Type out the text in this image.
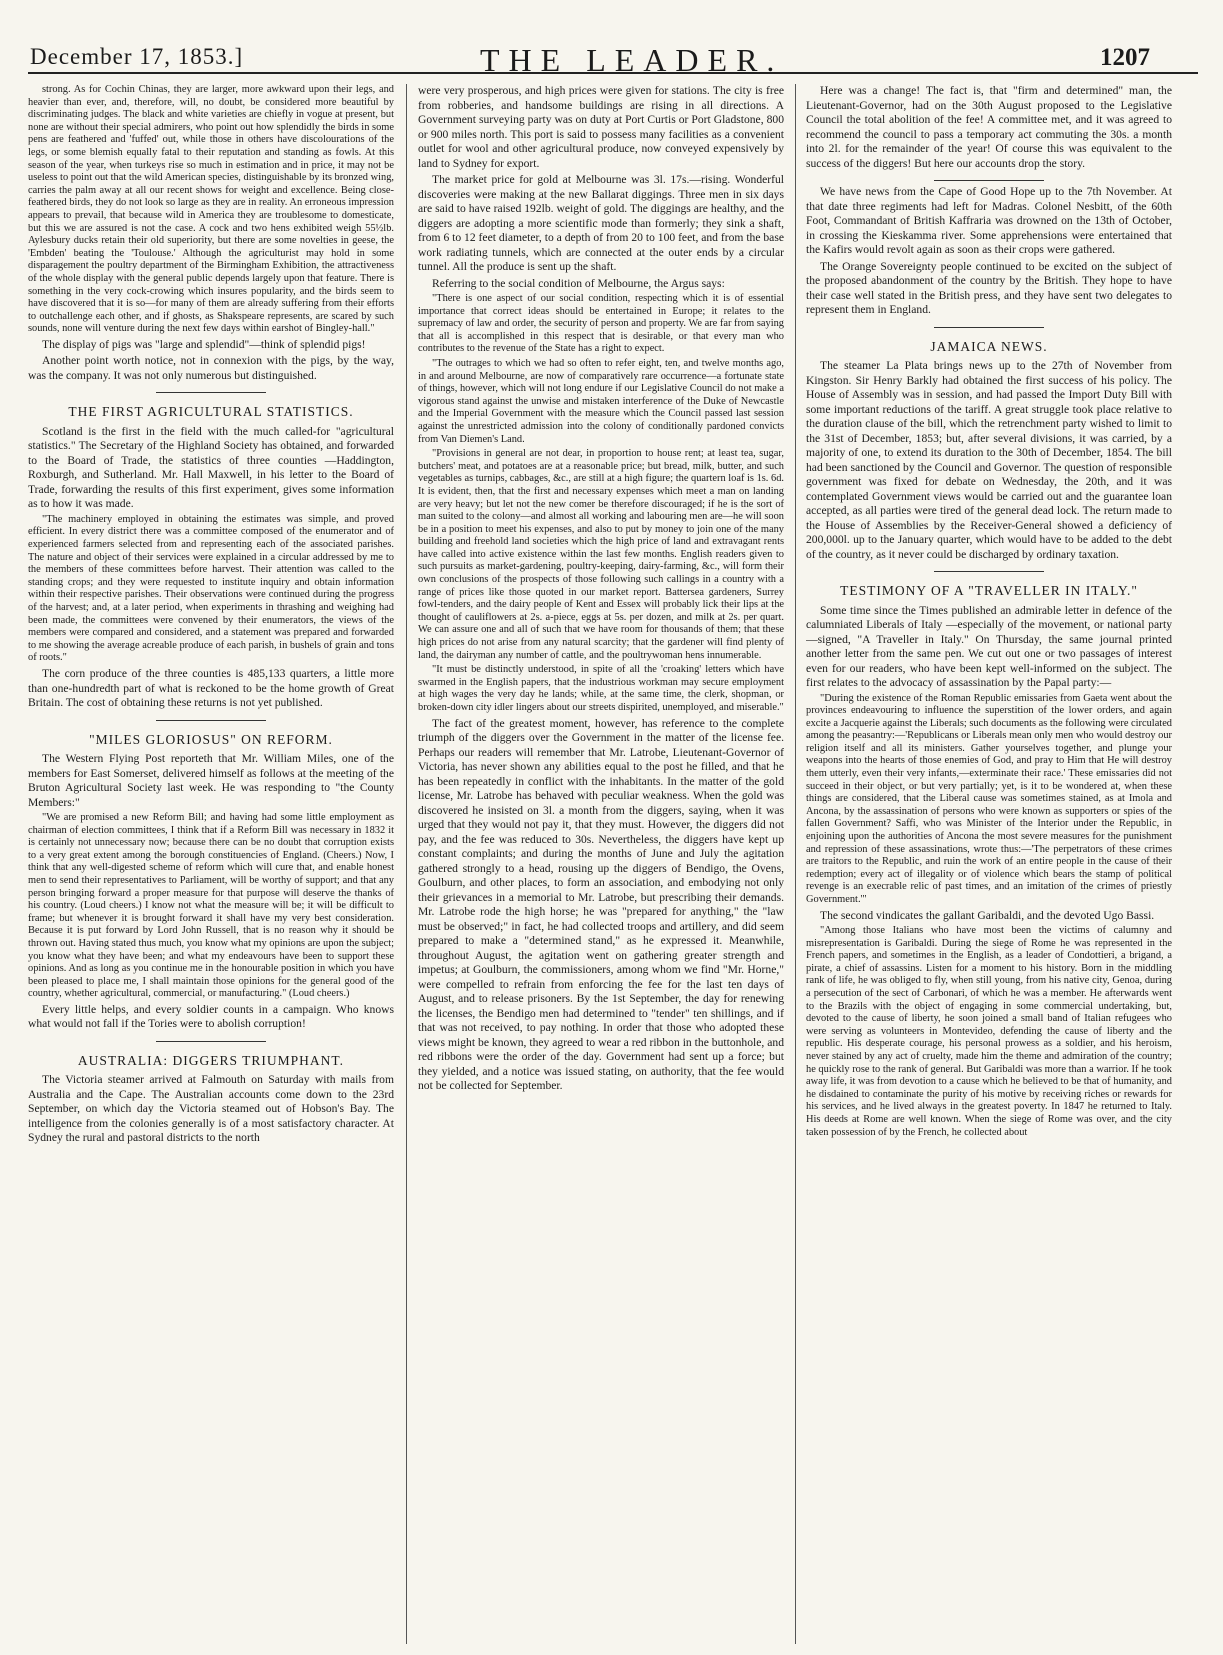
December 17, 1853.]	THE LEADER.	1207

strong. As for Cochin Chinas, they are larger, more awkward upon their legs, and heavier than ever, and, therefore, will, no doubt, be considered more beautiful by discriminating judges. The black and white varieties are chiefly in vogue at present, but none are without their special admirers, who point out how splendidly the birds in some pens are feathered and 'fuffed' out, while those in others have discolourations of the legs, or some blemish equally fatal to their reputation and standing as fowls. At this season of the year, when turkeys rise so much in estimation and in price, it may not be useless to point out that the wild American species, distinguishable by its bronzed wing, carries the palm away at all our recent shows for weight and excellence. Being close-feathered birds, they do not look so large as they are in reality. An erroneous impression appears to prevail, that because wild in America they are troublesome to domesticate, but this we are assured is not the case. A cock and two hens exhibited weigh 55½lb. Aylesbury ducks retain their old superiority, but there are some novelties in geese, the 'Embden' beating the 'Toulouse.' Although the agriculturist may hold in some disparagement the poultry department of the Birmingham Exhibition, the attractiveness of the whole display with the general public depends largely upon that feature. There is something in the very cock-crowing which insures popularity, and the birds seem to have discovered that it is so—for many of them are already suffering from their efforts to outchallenge each other, and if ghosts, as Shakspeare represents, are scared by such sounds, none will venture during the next few days within earshot of Bingley-hall."

The display of pigs was "large and splendid"—think of splendid pigs!

Another point worth notice, not in connexion with the pigs, by the way, was the company. It was not only numerous but distinguished.

THE FIRST AGRICULTURAL STATISTICS.

Scotland is the first in the field with the much called-for "agricultural statistics." The Secretary of the Highland Society has obtained, and forwarded to the Board of Trade, the statistics of three counties —Haddington, Roxburgh, and Sutherland. Mr. Hall Maxwell, in his letter to the Board of Trade, forwarding the results of this first experiment, gives some information as to how it was made.

"The machinery employed in obtaining the estimates was simple, and proved efficient. In every district there was a committee composed of the enumerator and of experienced farmers selected from and representing each of the associated parishes. The nature and object of their services were explained in a circular addressed by me to the members of these committees before harvest. Their attention was called to the standing crops; and they were requested to institute inquiry and obtain information within their respective parishes. Their observations were continued during the progress of the harvest; and, at a later period, when experiments in thrashing and weighing had been made, the committees were convened by their enumerators, the views of the members were compared and considered, and a statement was prepared and forwarded to me showing the average acreable produce of each parish, in bushels of grain and tons of roots."

The corn produce of the three counties is 485,133 quarters, a little more than one-hundredth part of what is reckoned to be the home growth of Great Britain. The cost of obtaining these returns is not yet published.

"MILES GLORIOSUS" ON REFORM.

The Western Flying Post reporteth that Mr. William Miles, one of the members for East Somerset, delivered himself as follows at the meeting of the Bruton Agricultural Society last week. He was responding to "the County Members:"

"We are promised a new Reform Bill; and having had some little employment as chairman of election committees, I think that if a Reform Bill was necessary in 1832 it is certainly not unnecessary now; because there can be no doubt that corruption exists to a very great extent among the borough constituencies of England. (Cheers.) Now, I think that any well-digested scheme of reform which will cure that, and enable honest men to send their representatives to Parliament, will be worthy of support; and that any person bringing forward a proper measure for that purpose will deserve the thanks of his country. (Loud cheers.) I know not what the measure will be; it will be difficult to frame; but whenever it is brought forward it shall have my very best consideration. Because it is put forward by Lord John Russell, that is no reason why it should be thrown out. Having stated thus much, you know what my opinions are upon the subject; you know what they have been; and what my endeavours have been to support these opinions. And as long as you continue me in the honourable position in which you have been pleased to place me, I shall maintain those opinions for the general good of the country, whether agricultural, commercial, or manufacturing." (Loud cheers.)

Every little helps, and every soldier counts in a campaign. Who knows what would not fall if the Tories were to abolish corruption!

AUSTRALIA: DIGGERS TRIUMPHANT.

The Victoria steamer arrived at Falmouth on Saturday with mails from Australia and the Cape. The Australian accounts come down to the 23rd September, on which day the Victoria steamed out of Hobson's Bay. The intelligence from the colonies generally is of a most satisfactory character. At Sydney the rural and pastoral districts to the north

were very prosperous, and high prices were given for stations. The city is free from robberies, and handsome buildings are rising in all directions. A Government surveying party was on duty at Port Curtis or Port Gladstone, 800 or 900 miles north. This port is said to possess many facilities as a convenient outlet for wool and other agricultural produce, now conveyed expensively by land to Sydney for export.

The market price for gold at Melbourne was 3l. 17s.—rising. Wonderful discoveries were making at the new Ballarat diggings. Three men in six days are said to have raised 192lb. weight of gold. The diggings are healthy, and the diggers are adopting a more scientific mode than formerly; they sink a shaft, from 6 to 12 feet diameter, to a depth of from 20 to 100 feet, and from the base work radiating tunnels, which are connected at the outer ends by a circular tunnel. All the produce is sent up the shaft.

Referring to the social condition of Melbourne, the Argus says:

"There is one aspect of our social condition, respecting which it is of essential importance that correct ideas should be entertained in Europe; it relates to the supremacy of law and order, the security of person and property. We are far from saying that all is accomplished in this respect that is desirable, or that every man who contributes to the revenue of the State has a right to expect.

"The outrages to which we had so often to refer eight, ten, and twelve months ago, in and around Melbourne, are now of comparatively rare occurrence—a fortunate state of things, however, which will not long endure if our Legislative Council do not make a vigorous stand against the unwise and mistaken interference of the Duke of Newcastle and the Imperial Government with the measure which the Council passed last session against the unrestricted admission into the colony of conditionally pardoned convicts from Van Diemen's Land.

"Provisions in general are not dear, in proportion to house rent; at least tea, sugar, butchers' meat, and potatoes are at a reasonable price; but bread, milk, butter, and such vegetables as turnips, cabbages, &c., are still at a high figure; the quartern loaf is 1s. 6d. It is evident, then, that the first and necessary expenses which meet a man on landing are very heavy; but let not the new comer be therefore discouraged; if he is the sort of man suited to the colony—and almost all working and labouring men are—he will soon be in a position to meet his expenses, and also to put by money to join one of the many building and freehold land societies which the high price of land and extravagant rents have called into active existence within the last few months. English readers given to such pursuits as market-gardening, poultry-keeping, dairy-farming, &c., will form their own conclusions of the prospects of those following such callings in a country with a range of prices like those quoted in our market report. Battersea gardeners, Surrey fowl-tenders, and the dairy people of Kent and Essex will probably lick their lips at the thought of cauliflowers at 2s. a-piece, eggs at 5s. per dozen, and milk at 2s. per quart. We can assure one and all of such that we have room for thousands of them; that these high prices do not arise from any natural scarcity; that the gardener will find plenty of land, the dairyman any number of cattle, and the poultrywoman hens innumerable.

"It must be distinctly understood, in spite of all the 'croaking' letters which have swarmed in the English papers, that the industrious workman may secure employment at high wages the very day he lands; while, at the same time, the clerk, shopman, or broken-down city idler lingers about our streets dispirited, unemployed, and miserable."

The fact of the greatest moment, however, has reference to the complete triumph of the diggers over the Government in the matter of the license fee. Perhaps our readers will remember that Mr. Latrobe, Lieutenant-Governor of Victoria, has never shown any abilities equal to the post he filled, and that he has been repeatedly in conflict with the inhabitants. In the matter of the gold license, Mr. Latrobe has behaved with peculiar weakness. When the gold was discovered he insisted on 3l. a month from the diggers, saying, when it was urged that they would not pay it, that they must. However, the diggers did not pay, and the fee was reduced to 30s. Nevertheless, the diggers have kept up constant complaints; and during the months of June and July the agitation gathered strongly to a head, rousing up the diggers of Bendigo, the Ovens, Goulburn, and other places, to form an association, and embodying not only their grievances in a memorial to Mr. Latrobe, but prescribing their demands. Mr. Latrobe rode the high horse; he was "prepared for anything," the "law must be observed;" in fact, he had collected troops and artillery, and did seem prepared to make a "determined stand," as he expressed it. Meanwhile, throughout August, the agitation went on gathering greater strength and impetus; at Goulburn, the commissioners, among whom we find "Mr. Horne," were compelled to refrain from enforcing the fee for the last ten days of August, and to release prisoners. By the 1st September, the day for renewing the licenses, the Bendigo men had determined to "tender" ten shillings, and if that was not received, to pay nothing. In order that those who adopted these views might be known, they agreed to wear a red ribbon in the buttonhole, and red ribbons were the order of the day. Government had sent up a force; but they yielded, and a notice was issued stating, on authority, that the fee would not be collected for September.

Here was a change! The fact is, that "firm and determined" man, the Lieutenant-Governor, had on the 30th August proposed to the Legislative Council the total abolition of the fee! A committee met, and it was agreed to recommend the council to pass a temporary act commuting the 30s. a month into 2l. for the remainder of the year! Of course this was equivalent to the success of the diggers! But here our accounts drop the story.

We have news from the Cape of Good Hope up to the 7th November. At that date three regiments had left for Madras. Colonel Nesbitt, of the 60th Foot, Commandant of British Kaffraria was drowned on the 13th of October, in crossing the Kieskamma river. Some apprehensions were entertained that the Kafirs would revolt again as soon as their crops were gathered.

The Orange Sovereignty people continued to be excited on the subject of the proposed abandonment of the country by the British. They hope to have their case well stated in the British press, and they have sent two delegates to represent them in England.

JAMAICA NEWS.

The steamer La Plata brings news up to the 27th of November from Kingston. Sir Henry Barkly had obtained the first success of his policy. The House of Assembly was in session, and had passed the Import Duty Bill with some important reductions of the tariff. A great struggle took place relative to the duration clause of the bill, which the retrenchment party wished to limit to the 31st of December, 1853; but, after several divisions, it was carried, by a majority of one, to extend its duration to the 30th of December, 1854. The bill had been sanctioned by the Council and Governor. The question of responsible government was fixed for debate on Wednesday, the 20th, and it was contemplated Government views would be carried out and the guarantee loan accepted, as all parties were tired of the general dead lock. The return made to the House of Assemblies by the Receiver-General showed a deficiency of 200,000l. up to the January quarter, which would have to be added to the debt of the country, as it never could be discharged by ordinary taxation.

TESTIMONY OF A "TRAVELLER IN ITALY."

Some time since the Times published an admirable letter in defence of the calumniated Liberals of Italy —especially of the movement, or national party—signed, "A Traveller in Italy." On Thursday, the same journal printed another letter from the same pen. We cut out one or two passages of interest even for our readers, who have been kept well-informed on the subject. The first relates to the advocacy of assassination by the Papal party:—

"During the existence of the Roman Republic emissaries from Gaeta went about the provinces endeavouring to influence the superstition of the lower orders, and again excite a Jacquerie against the Liberals; such documents as the following were circulated among the peasantry:—'Republicans or Liberals mean only men who would destroy our religion itself and all its ministers. Gather yourselves together, and plunge your weapons into the hearts of those enemies of God, and pray to Him that He will destroy them utterly, even their very infants,—exterminate their race.' These emissaries did not succeed in their object, or but very partially; yet, is it to be wondered at, when these things are considered, that the Liberal cause was sometimes stained, as at Imola and Ancona, by the assassination of persons who were known as supporters or spies of the fallen Government? Saffi, who was Minister of the Interior under the Republic, in enjoining upon the authorities of Ancona the most severe measures for the punishment and repression of these assassinations, wrote thus:—'The perpetrators of these crimes are traitors to the Republic, and ruin the work of an entire people in the cause of their redemption; every act of illegality or of violence which bears the stamp of political revenge is an execrable relic of past times, and an imitation of the crimes of priestly Government.'"

The second vindicates the gallant Garibaldi, and the devoted Ugo Bassi.

"Among those Italians who have most been the victims of calumny and misrepresentation is Garibaldi. During the siege of Rome he was represented in the French papers, and sometimes in the English, as a leader of Condottieri, a brigand, a pirate, a chief of assassins. Listen for a moment to his history. Born in the middling rank of life, he was obliged to fly, when still young, from his native city, Genoa, during a persecution of the sect of Carbonari, of which he was a member. He afterwards went to the Brazils with the object of engaging in some commercial undertaking, but, devoted to the cause of liberty, he soon joined a small band of Italian refugees who were serving as volunteers in Montevideo, defending the cause of liberty and the republic. His desperate courage, his personal prowess as a soldier, and his heroism, never stained by any act of cruelty, made him the theme and admiration of the country; he quickly rose to the rank of general. But Garibaldi was more than a warrior. If he took away life, it was from devotion to a cause which he believed to be that of humanity, and he disdained to contaminate the purity of his motive by receiving riches or rewards for his services, and he lived always in the greatest poverty. In 1847 he returned to Italy. His deeds at Rome are well known. When the siege of Rome was over, and the city taken possession of by the French, he collected about
